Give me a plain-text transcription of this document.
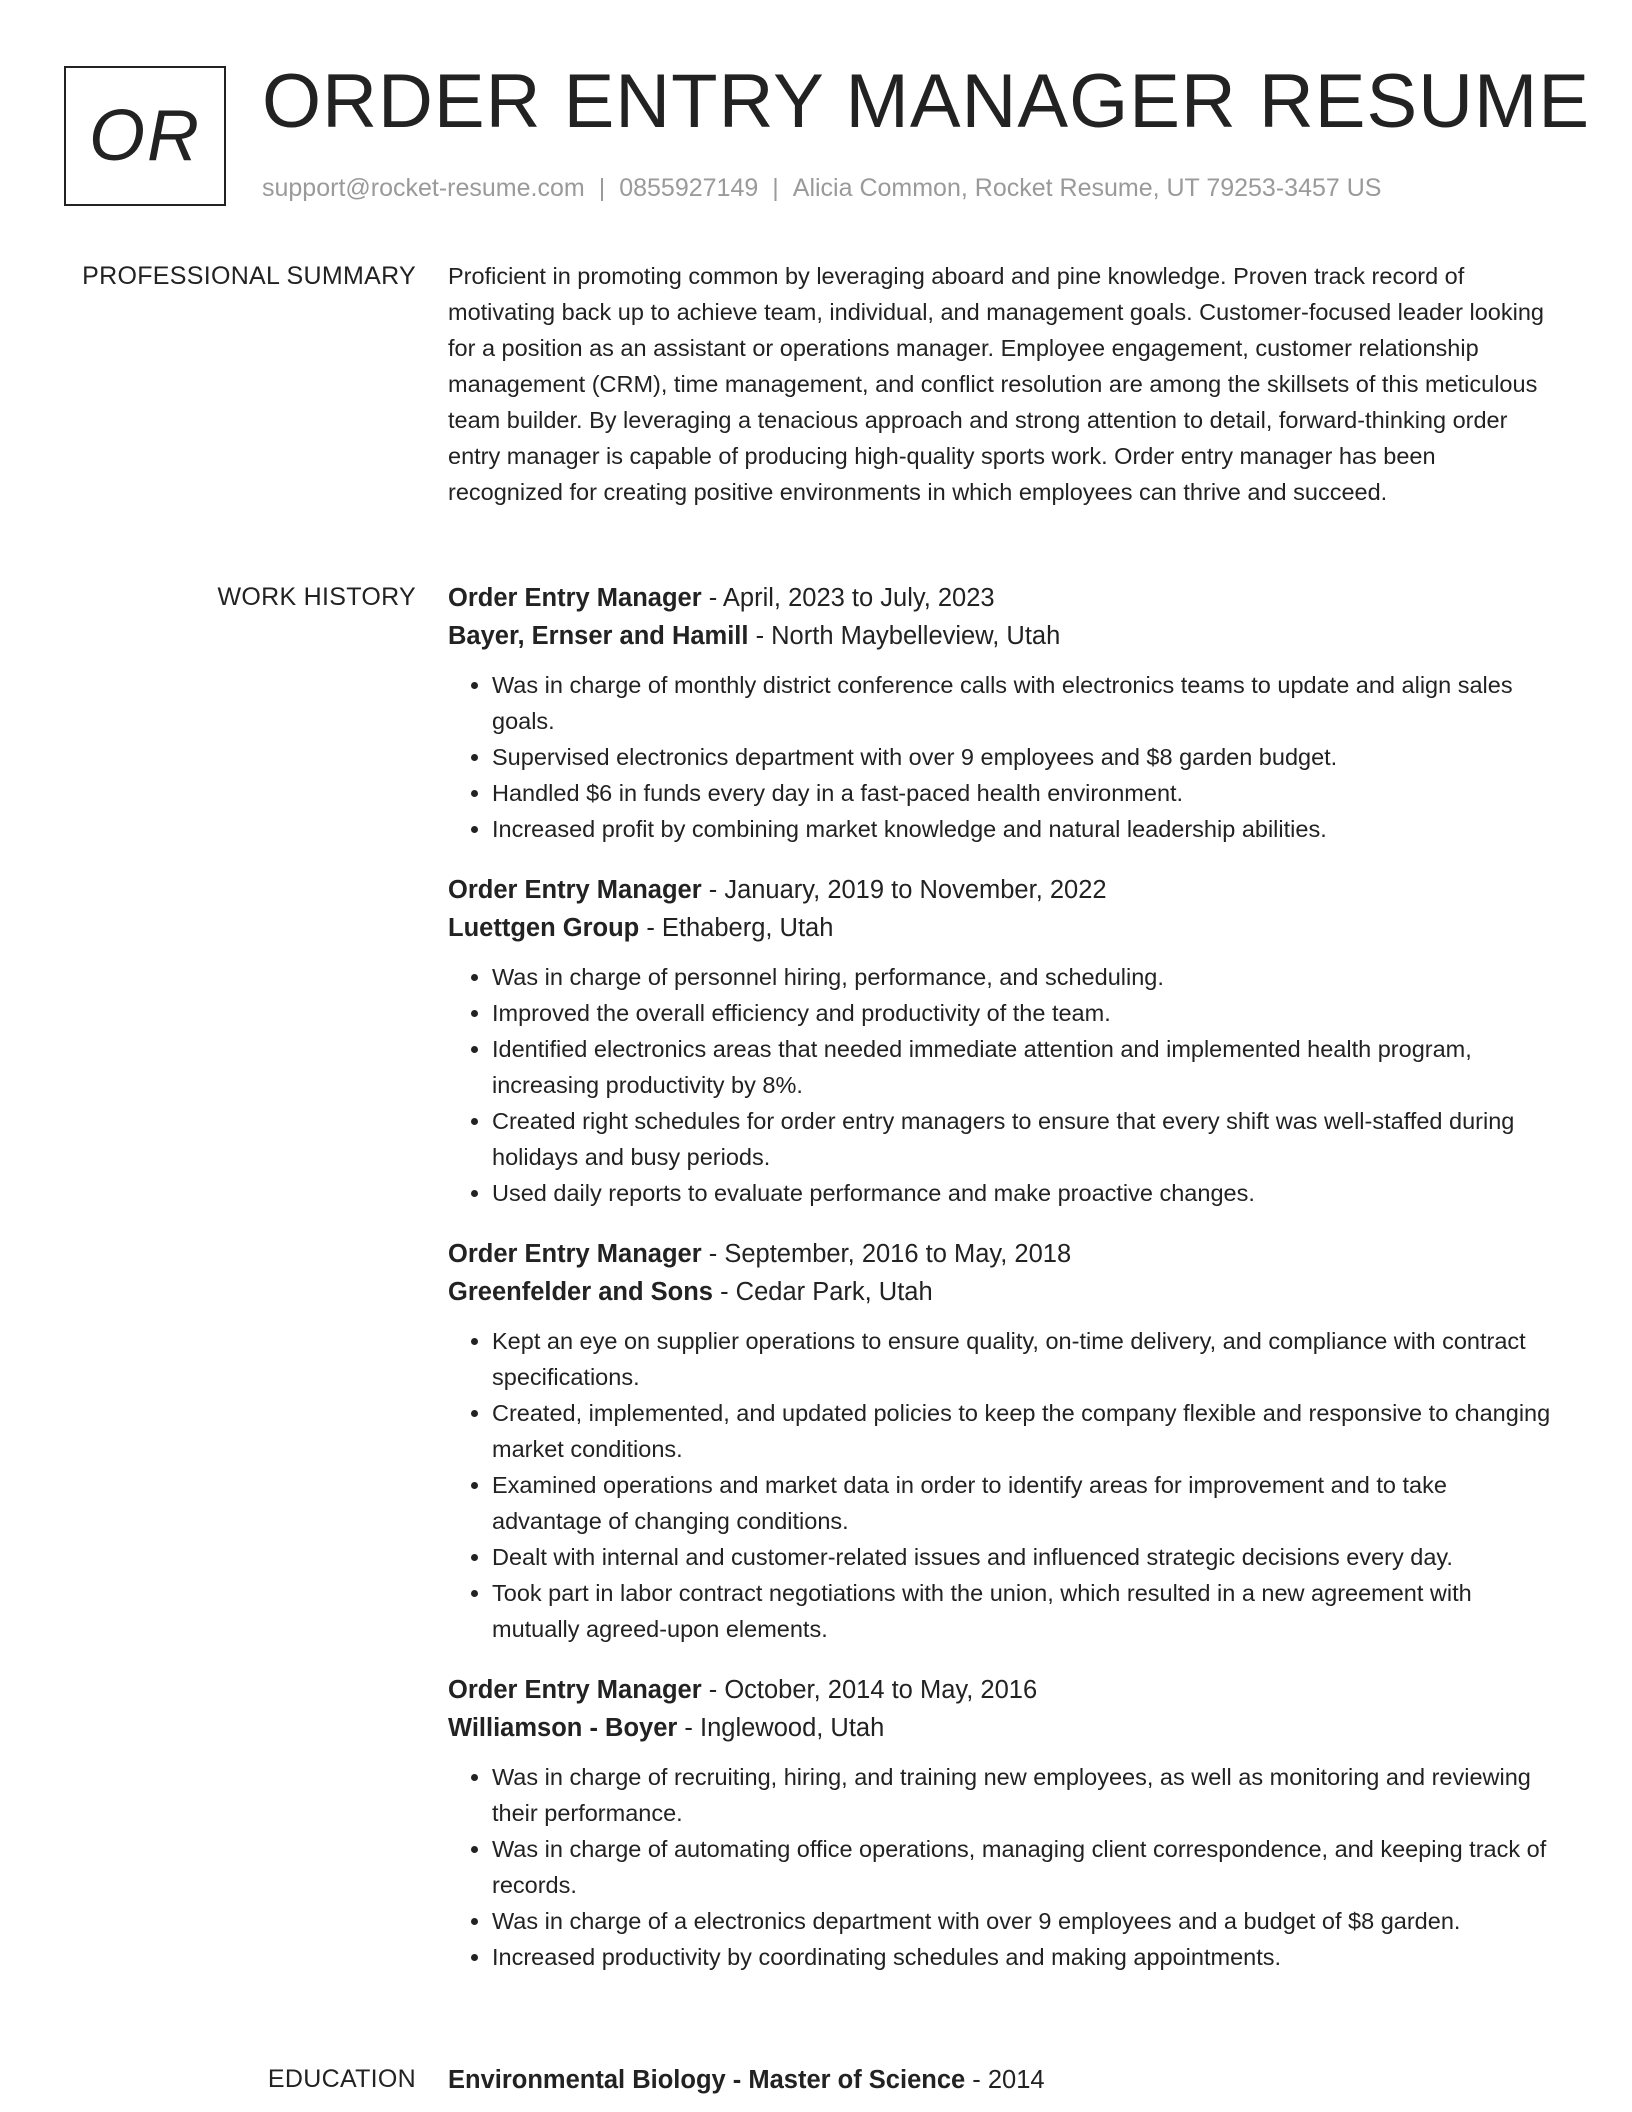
OR ORDER ENTRY MANAGER RESUME
support@rocket-resume.com | 0855927149 | Alicia Common, Rocket Resume, UT 79253-3457 US
PROFESSIONAL SUMMARY Proficient in promoting common by leveraging aboard and pine knowledge. Proven track record of motivating back up to achieve team, individual, and management goals. Customer-focused leader looking for a position as an assistant or operations manager. Employee engagement, customer relationship management (CRM), time management, and conflict resolution are among the skillsets of this meticulous team builder. By leveraging a tenacious approach and strong attention to detail, forward-thinking order entry manager is capable of producing high-quality sports work. Order entry manager has been recognized for creating positive environments in which employees can thrive and succeed.

WORK HISTORY Order Entry Manager - April, 2023 to July, 2023
Bayer, Ernser and Hamill - North Maybelleview, Utah
• Was in charge of monthly district conference calls with electronics teams to update and align sales goals.
• Supervised electronics department with over 9 employees and $8 garden budget.
• Handled $6 in funds every day in a fast-paced health environment.
• Increased profit by combining market knowledge and natural leadership abilities.
Order Entry Manager - January, 2019 to November, 2022
Luettgen Group - Ethaberg, Utah
• Was in charge of personnel hiring, performance, and scheduling.
• Improved the overall efficiency and productivity of the team.
• Identified electronics areas that needed immediate attention and implemented health program, increasing productivity by 8%.
• Created right schedules for order entry managers to ensure that every shift was well-staffed during holidays and busy periods.
• Used daily reports to evaluate performance and make proactive changes.
Order Entry Manager - September, 2016 to May, 2018
Greenfelder and Sons - Cedar Park, Utah
• Kept an eye on supplier operations to ensure quality, on-time delivery, and compliance with contract specifications.
• Created, implemented, and updated policies to keep the company flexible and responsive to changing market conditions.
• Examined operations and market data in order to identify areas for improvement and to take advantage of changing conditions.
• Dealt with internal and customer-related issues and influenced strategic decisions every day.
• Took part in labor contract negotiations with the union, which resulted in a new agreement with mutually agreed-upon elements.
Order Entry Manager - October, 2014 to May, 2016
Williamson - Boyer - Inglewood, Utah
• Was in charge of recruiting, hiring, and training new employees, as well as monitoring and reviewing their performance.
• Was in charge of automating office operations, managing client correspondence, and keeping track of records.
• Was in charge of a electronics department with over 9 employees and a budget of $8 garden.
• Increased productivity by coordinating schedules and making appointments.
EDUCATION Environmental Biology - Master of Science - 2014
